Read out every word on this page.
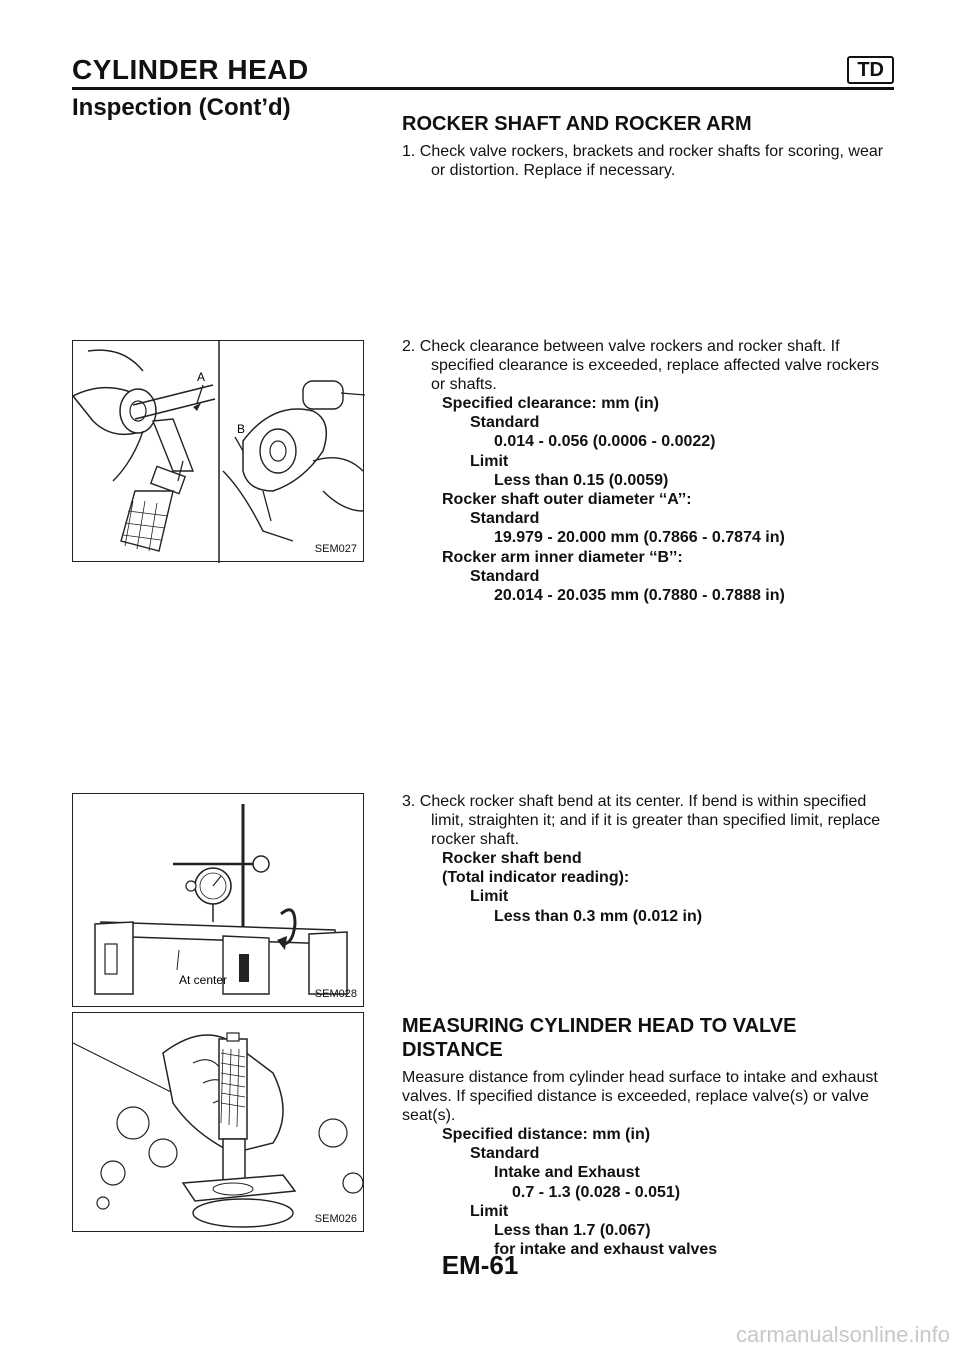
CYLINDER HEAD	TD
Inspection (Cont’d)
ROCKER SHAFT AND ROCKER ARM

1. Check valve rockers, brackets and rocker shafts for scoring, wear or distortion. Replace if necessary.

2. Check clearance between valve rockers and rocker shaft. If specified clearance is exceeded, replace affected valve rockers or shafts.

Specified clearance: mm (in)

Standard

0.014 - 0.056 (0.0006 - 0.0022)

Limit

Less than 0.15 (0.0059)

Rocker shaft outer diameter ‘‘A’’:

Standard

19.979 - 20.000 mm (0.7866 - 0.7874 in)

Rocker arm inner diameter ‘‘B’’:

Standard

20.014 - 20.035 mm (0.7880 - 0.7888 in)

3. Check rocker shaft bend at its center. If bend is within specified limit, straighten it; and if it is greater than specified limit, replace rocker shaft.

Rocker shaft bend

(Total indicator reading):

Limit

Less than 0.3 mm (0.012 in)

MEASURING CYLINDER HEAD TO VALVE DISTANCE

Measure distance from cylinder head surface to intake and exhaust valves. If specified distance is exceeded, replace valve(s) or valve seat(s).

Specified distance: mm (in)

Standard

Intake and Exhaust

0.7 - 1.3 (0.028 - 0.051)

Limit

Less than 1.7 (0.067)

for intake and exhaust valves

A
B
SEM027
At center
SEM028
SEM026
EM-61
carmanualsonline.info
